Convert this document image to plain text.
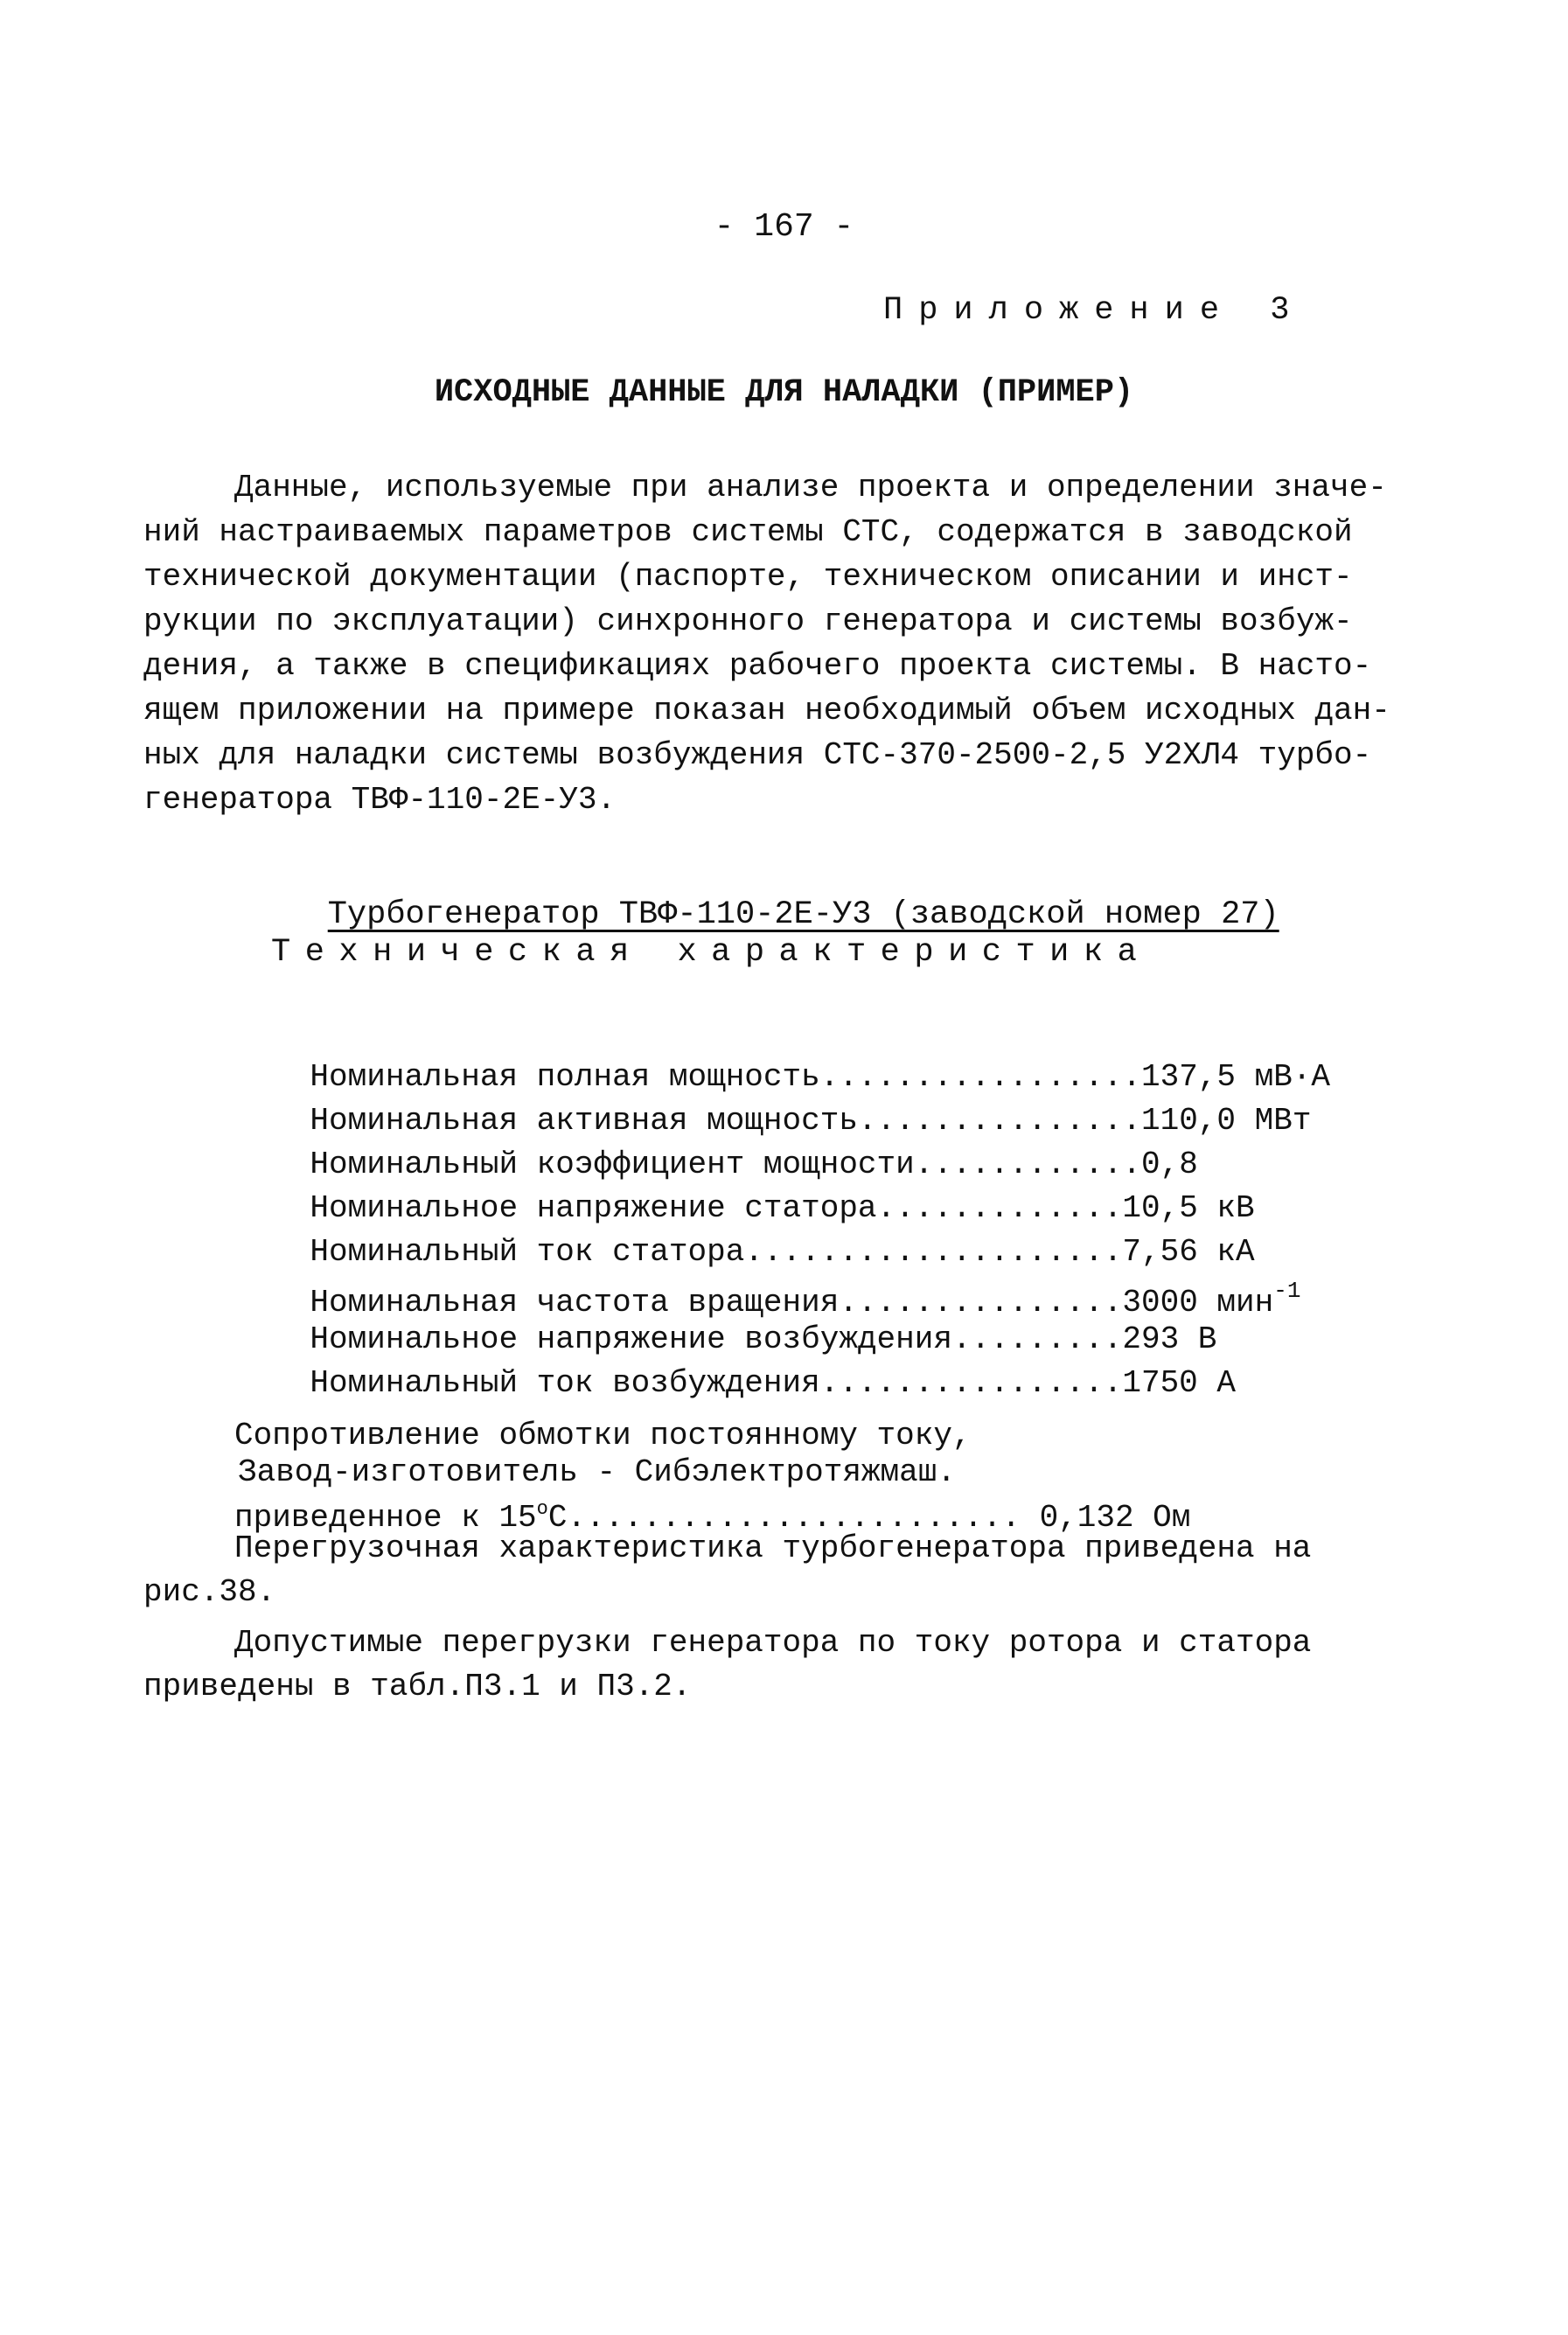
- 167 -
Приложение 3
ИСХОДНЫЕ ДАННЫЕ ДЛЯ НАЛАДКИ (ПРИМЕР)
Данные, используемые при анализе проекта и определении значе-
ний настраиваемых параметров системы СТС, содержатся в заводской
технической документации (паспорте, техническом описании и инст-
рукции по эксплуатации) синхронного генератора и системы возбуж-
дения, а также в спецификациях рабочего проекта системы. В насто-
ящем приложении на примере показан необходимый объем исходных дан-
ных для наладки системы возбуждения СТС-370-2500-2,5 У2ХЛ4 турбо-
генератора ТВФ-110-2Е-У3.

Турбогенератор ТВФ-110-2Е-У3 (заводской номер 27)

Техническая характеристика

Номинальная полная мощность.................137,5 мВ·А

Номинальная активная мощность...............110,0 МВт

Номинальный коэффициент мощности............0,8

Номинальное напряжение статора.............10,5 кВ

Номинальный ток статора....................7,56 кА

Номинальная частота вращения...............3000 мин$^{-1}$

Номинальное напряжение возбуждения.........293 В

Номинальный ток возбуждения................1750 А

Сопротивление обмотки постоянному току,

приведенное к $15^оС$........................ 0,132 Ом

Завод-изготовитель - Сибэлектротяжмаш.
Перегрузочная характеристика турбогенератора приведена на
рис.38.
Допустимые перегрузки генератора по току ротора и статора
приведены в табл.П3.1 и П3.2.
